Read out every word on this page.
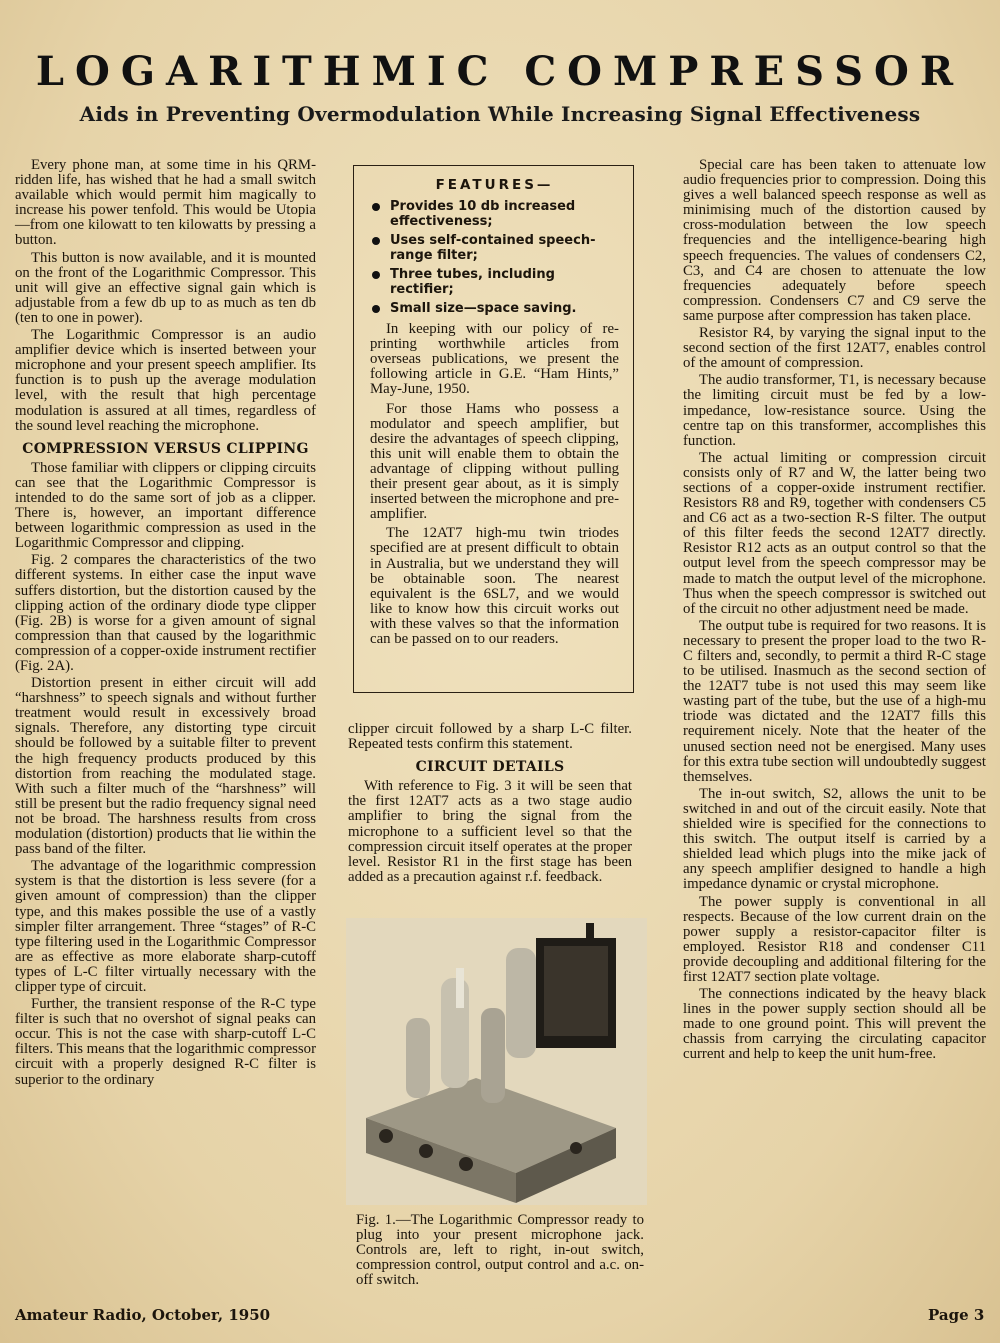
LOGARITHMIC COMPRESSOR
Aids in Preventing Overmodulation While Increasing Signal Effectiveness

Every phone man, at some time in his QRM-ridden life, has wished that he had a small switch available which would permit him magically to increase his power tenfold. This would be Utopia—from one kilowatt to ten kilowatts by pressing a button.

This button is now available, and it is mounted on the front of the Logarithmic Compressor. This unit will give an effective signal gain which is adjustable from a few db up to as much as ten db (ten to one in power).

The Logarithmic Compressor is an audio amplifier device which is inserted between your microphone and your present speech amplifier. Its function is to push up the average modulation level, with the result that high percentage modulation is assured at all times, regardless of the sound level reaching the microphone.

COMPRESSION VERSUS CLIPPING

Those familiar with clippers or clipping circuits can see that the Logarithmic Compressor is intended to do the same sort of job as a clipper. There is, however, an important difference between logarithmic compression as used in the Logarithmic Compressor and clipping.

Fig. 2 compares the characteristics of the two different systems. In either case the input wave suffers distortion, but the distortion caused by the clipping action of the ordinary diode type clipper (Fig. 2B) is worse for a given amount of signal compression than that caused by the logarithmic compression of a copper-oxide instrument rectifier (Fig. 2A).

Distortion present in either circuit will add “harshness” to speech signals and without further treatment would result in excessively broad signals. Therefore, any distorting type circuit should be followed by a suitable filter to prevent the high frequency products produced by this distortion from reaching the modulated stage. With such a filter much of the “harshness” will still be present but the radio frequency signal need not be broad. The harshness results from cross modulation (distortion) products that lie within the pass band of the filter.

The advantage of the logarithmic compression system is that the distortion is less severe (for a given amount of compression) than the clipper type, and this makes possible the use of a vastly simpler filter arrangement. Three “stages” of R-C type filtering used in the Logarithmic Compressor are as effective as more elaborate sharp-cutoff types of L-C filter virtually necessary with the clipper type of circuit.

Further, the transient response of the R-C type filter is such that no overshot of signal peaks can occur. This is not the case with sharp-cutoff L-C filters. This means that the logarithmic compressor circuit with a properly designed R-C filter is superior to the ordinary

FEATURES—
Provides 10 db increased effectiveness;
Uses self-contained speech-range filter;
Three tubes, including rectifier;
Small size—space saving.

In keeping with our policy of re-printing worthwhile articles from overseas publications, we present the following article in G.E. “Ham Hints,” May-June, 1950.

For those Hams who possess a modulator and speech amplifier, but desire the advantages of speech clipping, this unit will enable them to obtain the advantage of clipping without pulling their present gear about, as it is simply inserted between the microphone and pre-amplifier.

The 12AT7 high-mu twin triodes specified are at present difficult to obtain in Australia, but we understand they will be obtainable soon. The nearest equivalent is the 6SL7, and we would like to know how this circuit works out with these valves so that the information can be passed on to our readers.

clipper circuit followed by a sharp L-C filter. Repeated tests confirm this statement.

CIRCUIT DETAILS

With reference to Fig. 3 it will be seen that the first 12AT7 acts as a two stage audio amplifier to bring the signal from the microphone to a sufficient level so that the compression circuit itself operates at the proper level. Resistor R1 in the first stage has been added as a precaution against r.f. feedback.

Fig. 1.—The Logarithmic Compressor ready to plug into your present microphone jack. Controls are, left to right, in-out switch, compression control, output control and a.c. on-off switch.

Special care has been taken to attenuate low audio frequencies prior to compression. Doing this gives a well balanced speech response as well as minimising much of the distortion caused by cross-modulation between the low speech frequencies and the intelligence-bearing high speech frequencies. The values of condensers C2, C3, and C4 are chosen to attenuate the low frequencies adequately before speech compression. Condensers C7 and C9 serve the same purpose after compression has taken place.

Resistor R4, by varying the signal input to the second section of the first 12AT7, enables control of the amount of compression.

The audio transformer, T1, is necessary because the limiting circuit must be fed by a low-impedance, low-resistance source. Using the centre tap on this transformer, accomplishes this function.

The actual limiting or compression circuit consists only of R7 and W, the latter being two sections of a copper-oxide instrument rectifier. Resistors R8 and R9, together with condensers C5 and C6 act as a two-section R-S filter. The output of this filter feeds the second 12AT7 directly. Resistor R12 acts as an output control so that the output level from the speech compressor may be made to match the output level of the microphone. Thus when the speech compressor is switched out of the circuit no other adjustment need be made.

The output tube is required for two reasons. It is necessary to present the proper load to the two R-C filters and, secondly, to permit a third R-C stage to be utilised. Inasmuch as the second section of the 12AT7 tube is not used this may seem like wasting part of the tube, but the use of a high-mu triode was dictated and the 12AT7 fills this requirement nicely. Note that the heater of the unused section need not be energised. Many uses for this extra tube section will undoubtedly suggest themselves.

The in-out switch, S2, allows the unit to be switched in and out of the circuit easily. Note that shielded wire is specified for the connections to this switch. The output itself is carried by a shielded lead which plugs into the mike jack of any speech amplifier designed to handle a high impedance dynamic or crystal microphone.

The power supply is conventional in all respects. Because of the low current drain on the power supply a resistor-capacitor filter is employed. Resistor R18 and condenser C11 provide decoupling and additional filtering for the first 12AT7 section plate voltage.

The connections indicated by the heavy black lines in the power supply section should all be made to one ground point. This will prevent the chassis from carrying the circulating capacitor current and help to keep the unit hum-free.

Amateur Radio, October, 1950	Page 3
